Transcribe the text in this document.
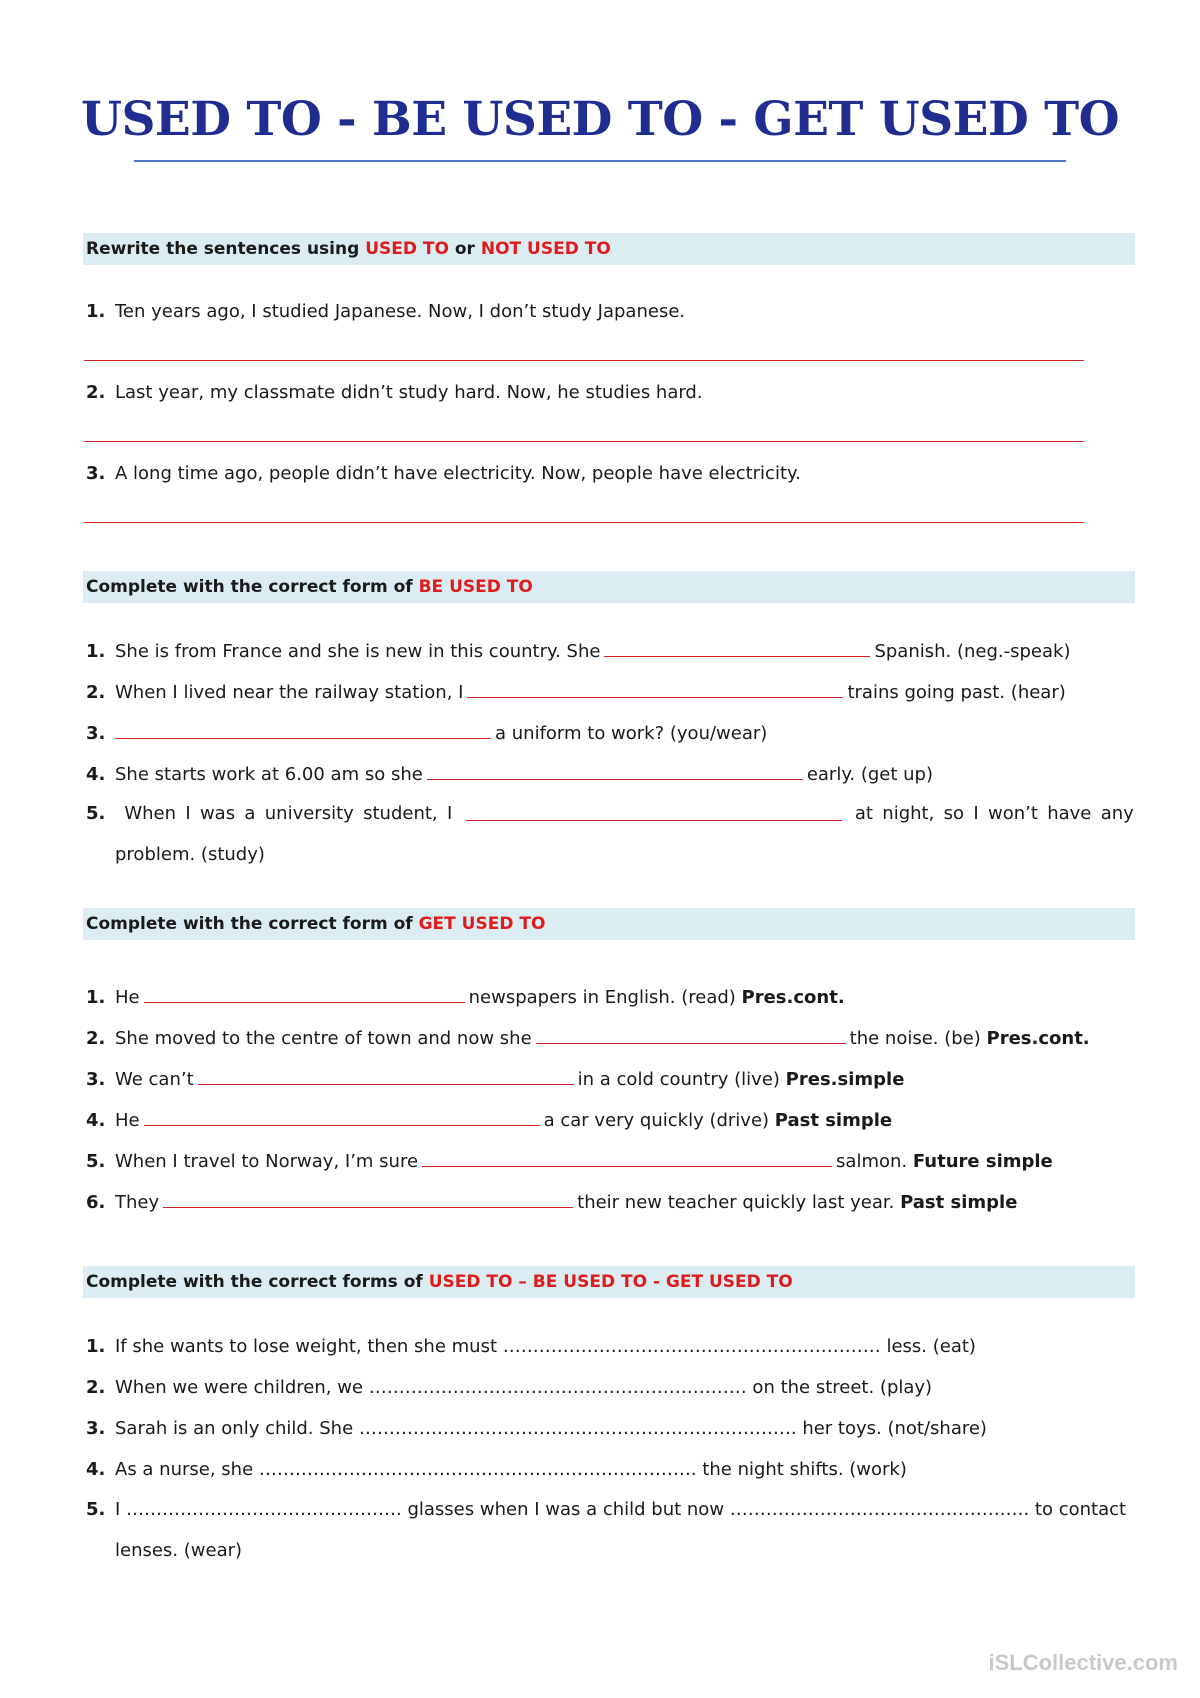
USED TO - BE USED TO - GET USED TO
Rewrite the sentences using USED TO or NOT USED TO
1. Ten years ago, I studied Japanese. Now, I don’t study Japanese.
2. Last year, my classmate didn’t study hard. Now, he studies hard.
3. A long time ago, people didn’t have electricity. Now, people have electricity.
Complete with the correct form of BE USED TO
1. She is from France and she is new in this country. She	Spanish. (neg.-speak)
2. When I lived near the railway station, I	trains going past. (hear)
3.	a uniform to work? (you/wear)
4. She starts work at 6.00 am so she	early. (get up)
5.	When I was a university student, I	at night, so I won’t have any
problem. (study)
Complete with the correct form of GET USED TO
1. He	newspapers in English. (read) Pres.cont.
2. She moved to the centre of town and now she	the noise. (be) Pres.cont.
3. We can’t	in a cold country (live) Pres.simple
4. He	a car very quickly (drive) Past simple
5. When I travel to Norway, I’m sure	salmon. Future simple
6. They	their new teacher quickly last year. Past simple
Complete with the correct forms of USED TO – BE USED TO - GET USED TO
1. If she wants to lose weight, then she must ……………………………………………………… less. (eat)
2. When we were children, we ……………………………………………………… on the street. (play)
3. Sarah is an only child. She ………………………………………………………………. her toys. (not/share)
4. As a nurse, she ………………………………………………………………. the night shifts. (work)
5. I ………………………………………. glasses when I was a child but now ……………………………………….…. to contact
lenses. (wear)
iSLCollective.com
